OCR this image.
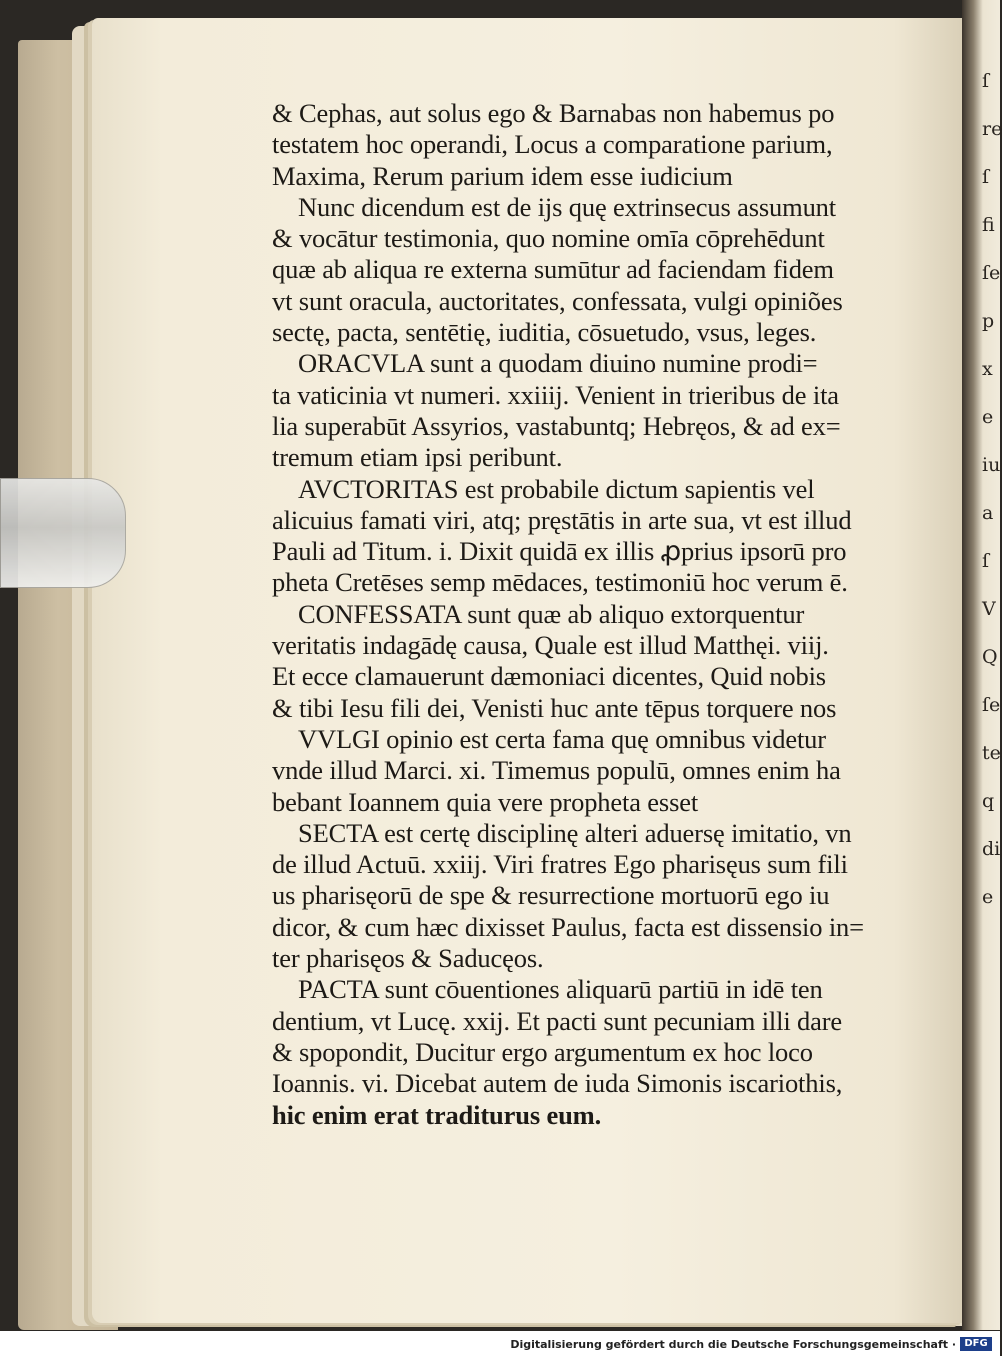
ſ
re
ſ
fi
ſe
p
x
e
iu
a
ſ
V
Q
ſe
te
q
di
e
& Cephas, aut solus ego & Barnabas non habemus po
testatem hoc operandi, Locus a comparatione parium,
Maxima, Rerum parium idem esse iudicium
Nunc dicendum est de ijs quę extrinsecus assumunt
& vocātur testimonia, quo nomine omīa cōprehēdunt
quæ ab aliqua re externa sumūtur ad faciendam fidem
vt sunt oracula, auctoritates, confessata, vulgi opiniões
sectę, pacta, sentētię, iuditia, cōsuetudo, vsus, leges.
ORACVLA sunt a quodam diuino numine prodi=
ta vaticinia vt numeri. xxiiij. Venient in trieribus de ita
lia superabūt Assyrios, vastabuntq; Hebręos, & ad ex=
tremum etiam ipsi peribunt.
AVCTORITAS est probabile dictum sapientis vel
alicuius famati viri, atq; pręstātis in arte sua, vt est illud
Pauli ad Titum. i. Dixit quidā ex illis ꝓprius ipsorū pro
pheta Cretēses semp mēdaces, testimoniū hoc verum ē.
CONFESSATA sunt quæ ab aliquo extorquentur
veritatis indagādę causa, Quale est illud Matthęi. viij.
Et ecce clamauerunt dæmoniaci dicentes, Quid nobis
& tibi Iesu fili dei, Venisti huc ante tēpus torquere nos
VVLGI opinio est certa fama quę omnibus videtur
vnde illud Marci. xi. Timemus populū, omnes enim ha
bebant Ioannem quia vere propheta esset
SECTA est certę disciplinę alteri aduersę imitatio, vn
de illud Actuū. xxiij. Viri fratres Ego pharisęus sum fili
us pharisęorū de spe & resurrectione mortuorū ego iu
dicor, & cum hæc dixisset Paulus, facta est dissensio in=
ter pharisęos & Saducęos.
PACTA sunt cōuentiones aliquarū partiū in idē ten
dentium, vt Lucę. xxij. Et pacti sunt pecuniam illi dare
& spopondit, Ducitur ergo argumentum ex hoc loco
Ioannis. vi. Dicebat autem de iuda Simonis iscariothis,
hic enim erat traditurus eum.
Digitalisierung gefördert durch die Deutsche Forschungsgemeinschaft · DFG
